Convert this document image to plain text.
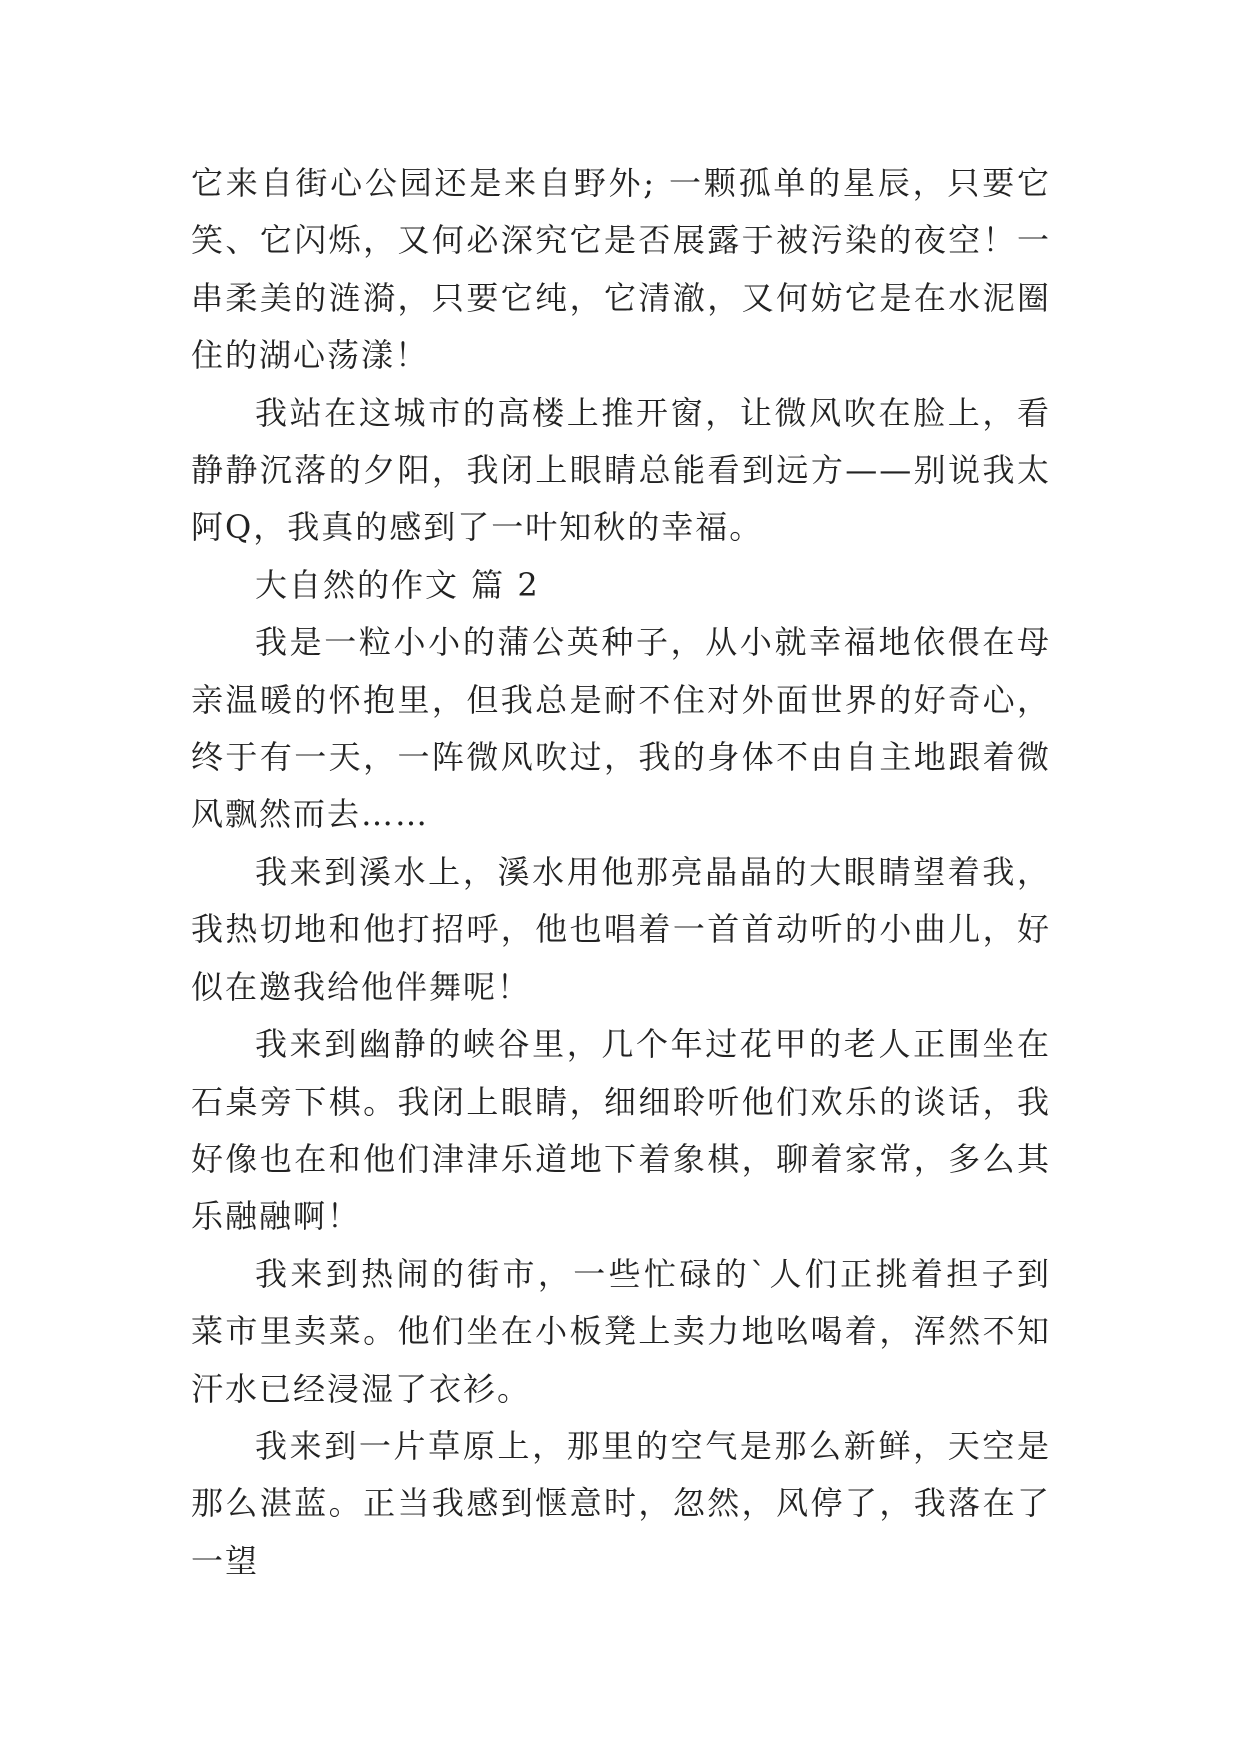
它来自街心公园还是来自野外; 一颗孤单的星辰，只要它笑、它闪烁，又何必深究它是否展露于被污染的夜空！一串柔美的涟漪，只要它纯，它清澈，又何妨它是在水泥圈住的湖心荡漾！

我站在这城市的高楼上推开窗，让微风吹在脸上，看静静沉落的夕阳，我闭上眼睛总能看到远方——别说我太阿Q，我真的感到了一叶知秋的幸福。

大自然的作文 篇 2

我是一粒小小的蒲公英种子，从小就幸福地依偎在母亲温暖的怀抱里，但我总是耐不住对外面世界的好奇心，终于有一天，一阵微风吹过，我的身体不由自主地跟着微风飘然而去……

我来到溪水上，溪水用他那亮晶晶的大眼睛望着我，我热切地和他打招呼，他也唱着一首首动听的小曲儿，好似在邀我给他伴舞呢！

我来到幽静的峡谷里，几个年过花甲的老人正围坐在石桌旁下棋。我闭上眼睛，细细聆听他们欢乐的谈话，我好像也在和他们津津乐道地下着象棋，聊着家常，多么其乐融融啊！

我来到热闹的街市，一些忙碌的`人们正挑着担子到菜市里卖菜。他们坐在小板凳上卖力地吆喝着，浑然不知汗水已经浸湿了衣衫。

我来到一片草原上，那里的空气是那么新鲜，天空是那么湛蓝。正当我感到惬意时，忽然，风停了，我落在了一望
